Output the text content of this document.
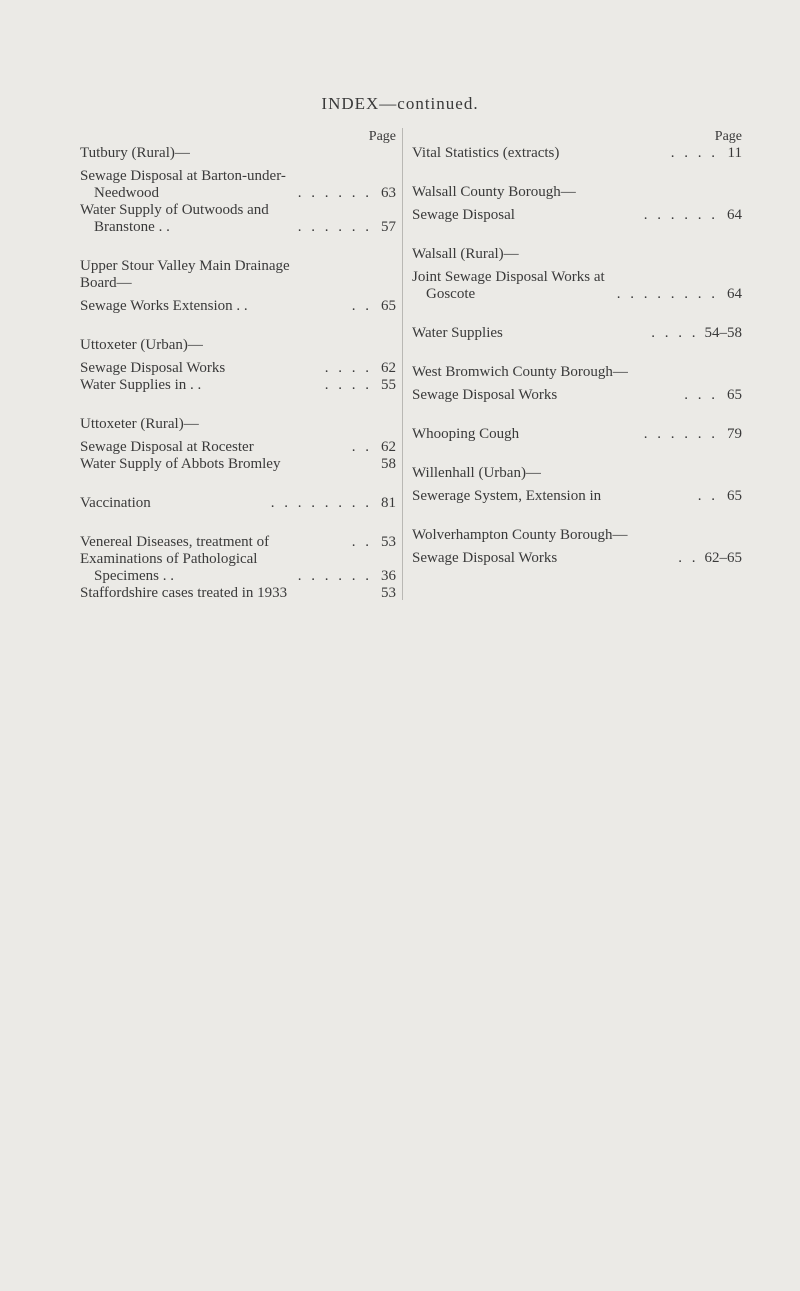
INDEX—continued.
Page
Tutbury (Rural)—
Sewage Disposal at Barton-under-
Needwood	. . . . . . 63
Water Supply of Outwoods and
Branstone . .	. . . . . . 57
Upper Stour Valley Main Drainage
Board—
Sewage Works Extension . .	. . 65
Uttoxeter (Urban)—
Sewage Disposal Works	. . . . 62
Water Supplies in . .	. . . . 55
Uttoxeter (Rural)—
Sewage Disposal at Rocester	. . 62
Water Supply of Abbots Bromley	58
Vaccination	. . . . . . . . 81
Venereal Diseases, treatment of	. . 53
Examinations of Pathological
Specimens . .	. . . . . . 36
Staffordshire cases treated in 1933	53
Page
Vital Statistics (extracts)	. . . . 11
Walsall County Borough—
Sewage Disposal	. . . . . . 64
Walsall (Rural)—
Joint Sewage Disposal Works at
Goscote	. . . . . . . . 64
Water Supplies	. . . . 54–58
West Bromwich County Borough—
Sewage Disposal Works	. . . 65
Whooping Cough	. . . . . . 79
Willenhall (Urban)—
Sewerage System, Extension in	. . 65
Wolverhampton County Borough—
Sewage Disposal Works	. . 62–65
